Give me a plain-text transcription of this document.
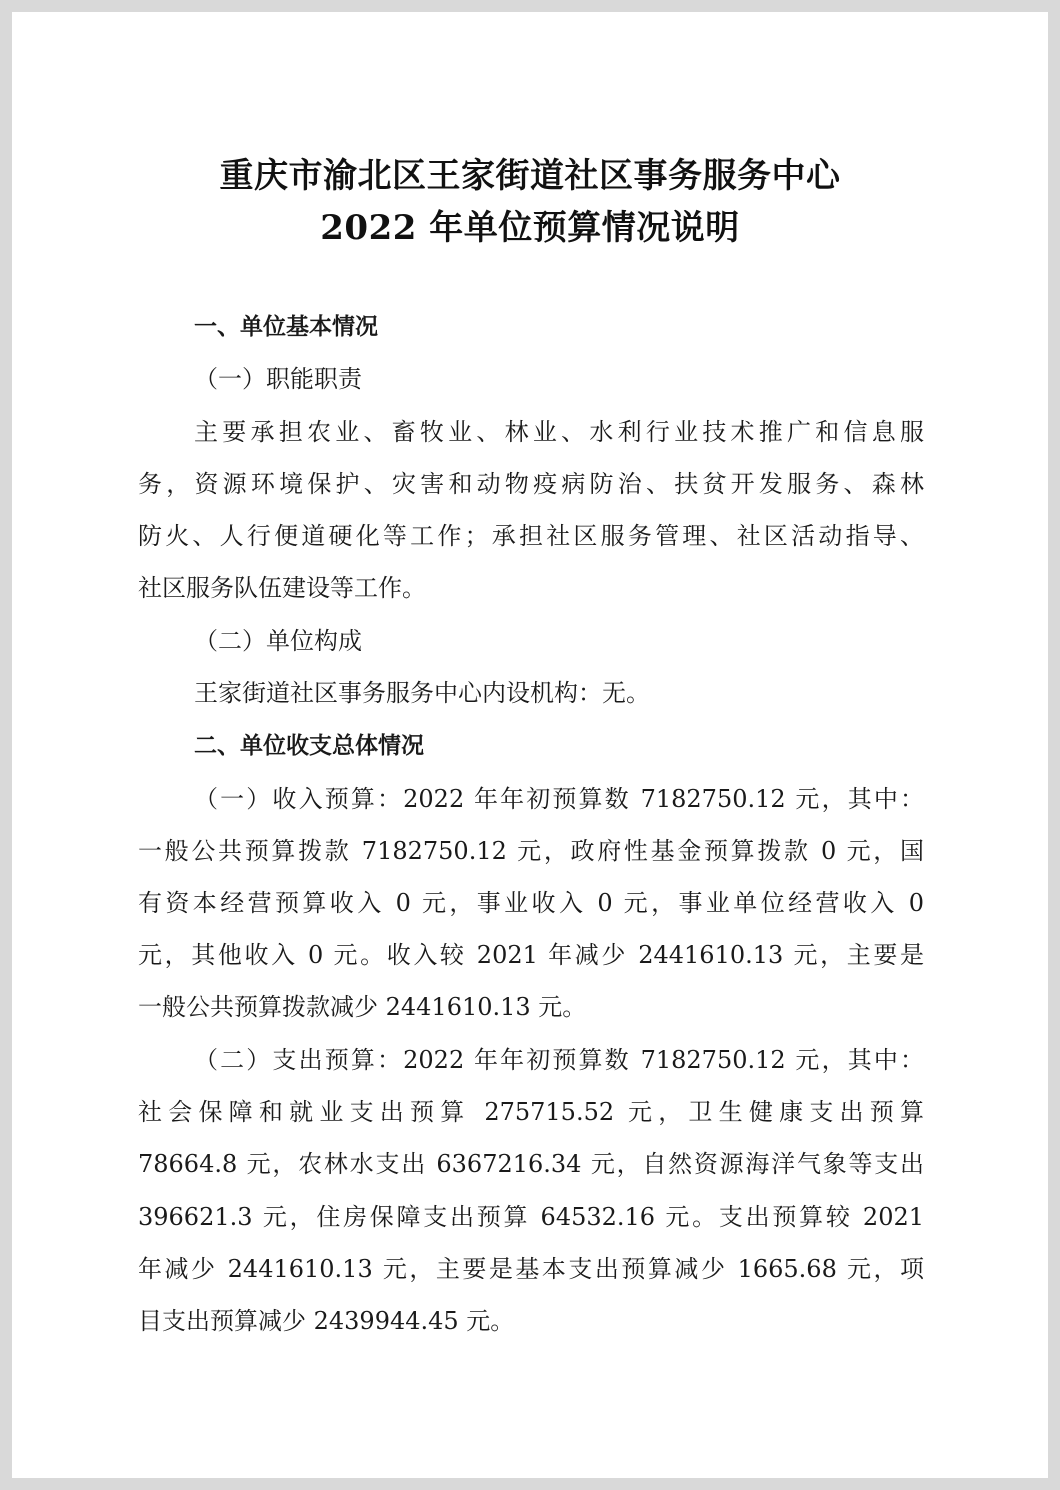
重庆市渝北区王家街道社区事务服务中心
2022 年单位预算情况说明
一、单位基本情况
（一）职能职责
主要承担农业、畜牧业、林业、水利行业技术推广和信息服
务，资源环境保护、灾害和动物疫病防治、扶贫开发服务、森林
防火、人行便道硬化等工作；承担社区服务管理、社区活动指导、
社区服务队伍建设等工作。
（二）单位构成
王家街道社区事务服务中心内设机构：无。
二、单位收支总体情况
（一）收入预算：2022 年年初预算数 7182750.12 元，其中：
一般公共预算拨款 7182750.12 元，政府性基金预算拨款 0 元，国
有资本经营预算收入 0 元，事业收入 0 元，事业单位经营收入 0
元，其他收入 0 元。收入较 2021 年减少 2441610.13 元，主要是
一般公共预算拨款减少 2441610.13 元。
（二）支出预算：2022 年年初预算数 7182750.12 元，其中：
社会保障和就业支出预算 275715.52 元，卫生健康支出预算
78664.8 元，农林水支出 6367216.34 元，自然资源海洋气象等支出
396621.3 元，住房保障支出预算 64532.16 元。支出预算较 2021
年减少 2441610.13 元，主要是基本支出预算减少 1665.68 元，项
目支出预算减少 2439944.45 元。
